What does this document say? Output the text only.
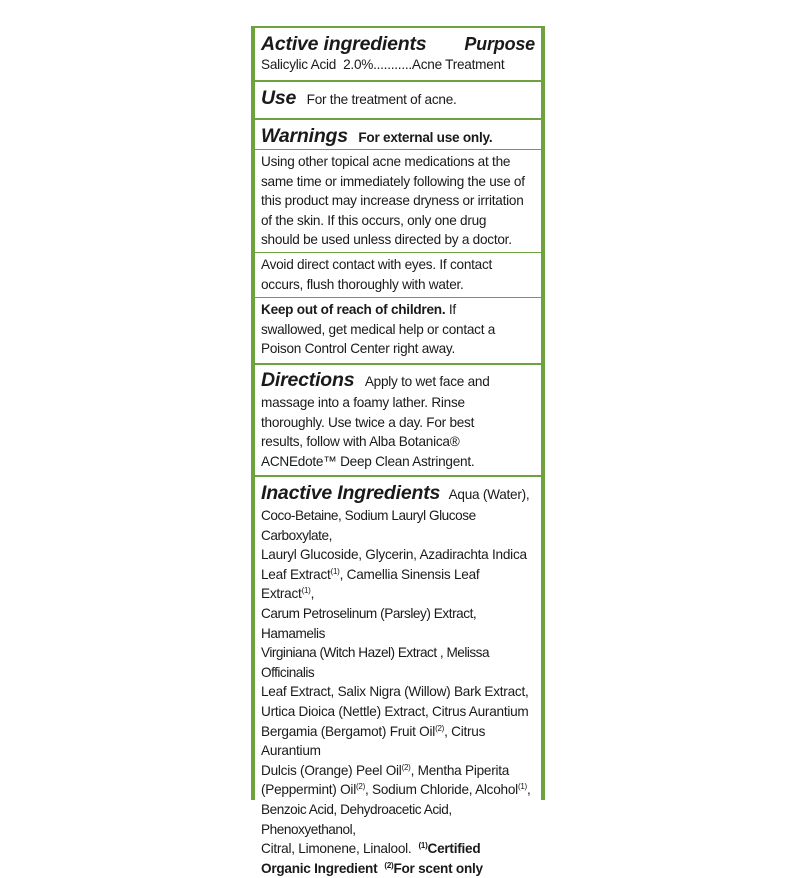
Active ingredients Purpose
Salicylic Acid  2.0%...........Acne Treatment
Use For the treatment of acne.
Warnings For external use only.
Using other topical acne medications at the
same time or immediately following the use of
this product may increase dryness or irritation
of the skin. If this occurs, only one drug
should be used unless directed by a doctor.
Avoid direct contact with eyes. If contact
occurs, flush thoroughly with water.
Keep out of reach of children. If
swallowed, get medical help or contact a
Poison Control Center right away.
Directions Apply to wet face and
massage into a foamy lather. Rinse
thoroughly. Use twice a day. For best
results, follow with Alba Botanica®
ACNEdote™ Deep Clean Astringent.
Inactive Ingredients Aqua (Water),
Coco-Betaine, Sodium Lauryl Glucose Carboxylate,
Lauryl Glucoside, Glycerin, Azadirachta Indica
Leaf Extract$^{(1)}$, Camellia Sinensis Leaf Extract$^{(1)}$,
Carum Petroselinum (Parsley) Extract, Hamamelis
Virginiana (Witch Hazel) Extract , Melissa Officinalis
Leaf Extract, Salix Nigra (Willow) Bark Extract,
Urtica Dioica (Nettle) Extract, Citrus Aurantium
Bergamia (Bergamot) Fruit Oil$^{(2)}$, Citrus Aurantium
Dulcis (Orange) Peel Oil$^{(2)}$, Mentha Piperita
(Peppermint) Oil$^{(2)}$, Sodium Chloride, Alcohol$^{(1)}$,
Benzoic Acid, Dehydroacetic Acid, Phenoxyethanol,
Citral, Limonene, Linalool. $^{(1)}$Certified
Organic Ingredient $^{(2)}$For scent only
